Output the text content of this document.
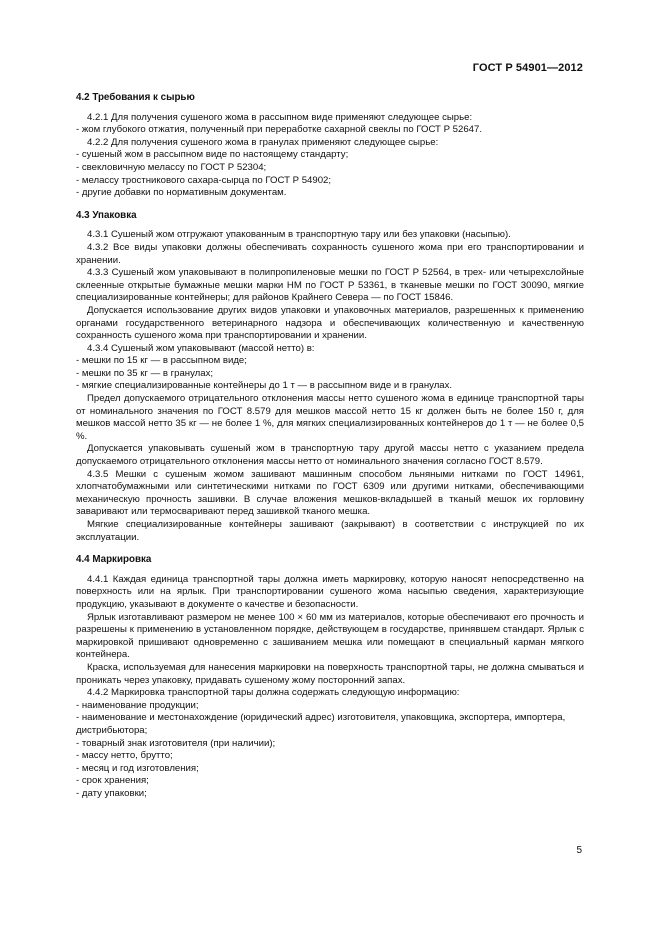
ГОСТ Р 54901—2012
4.2 Требования к сырью

4.2.1 Для получения сушеного жома в рассыпном виде применяют следующее сырье:

- жом глубокого отжатия, полученный при переработке сахарной свеклы по ГОСТ Р 52647.

4.2.2 Для получения сушеного жома в гранулах применяют следующее сырье:

- сушеный жом в рассыпном виде по настоящему стандарту;

- свекловичную мелассу по ГОСТ Р 52304;

- мелассу тростникового сахара-сырца по ГОСТ Р 54902;

- другие добавки по нормативным документам.

4.3 Упаковка

4.3.1 Сушеный жом отгружают упакованным в транспортную тару или без упаковки (насыпью).

4.3.2 Все виды упаковки должны обеспечивать сохранность сушеного жома при его транспортировании и хранении.

4.3.3 Сушеный жом упаковывают в полипропиленовые мешки по ГОСТ Р 52564, в трех- или четырехслойные склеенные открытые бумажные мешки марки НМ по ГОСТ Р 53361, в тканевые мешки по ГОСТ 30090, мягкие специализированные контейнеры; для районов Крайнего Севера — по ГОСТ 15846.

Допускается использование других видов упаковки и упаковочных материалов, разрешенных к применению органами государственного ветеринарного надзора и обеспечивающих количественную и качественную сохранность сушеного жома при транспортировании и хранении.

4.3.4 Сушеный жом упаковывают (массой нетто) в:

- мешки по 15 кг — в рассыпном виде;

- мешки по 35 кг — в гранулах;

- мягкие специализированные контейнеры до 1 т — в рассыпном виде и в гранулах.

Предел допускаемого отрицательного отклонения массы нетто сушеного жома в единице транспортной тары от номинального значения по ГОСТ 8.579 для мешков массой нетто 15 кг должен быть не более 150 г, для мешков массой нетто 35 кг — не более 1 %, для мягких специализированных контейнеров до 1 т — не более 0,5 %.

Допускается упаковывать сушеный жом в транспортную тару другой массы нетто с указанием предела допускаемого отрицательного отклонения массы нетто от номинального значения согласно ГОСТ 8.579.

4.3.5 Мешки с сушеным жомом зашивают машинным способом льняными нитками по ГОСТ 14961, хлопчатобумажными или синтетическими нитками по ГОСТ 6309 или другими нитками, обеспечивающими механическую прочность зашивки. В случае вложения мешков-вкладышей в тканый мешок их горловину заваривают или термосваривают перед зашивкой тканого мешка.

Мягкие специализированные контейнеры зашивают (закрывают) в соответствии с инструкцией по их эксплуатации.

4.4 Маркировка

4.4.1 Каждая единица транспортной тары должна иметь маркировку, которую наносят непосредственно на поверхность или на ярлык. При транспортировании сушеного жома насыпью сведения, характеризующие продукцию, указывают в документе о качестве и безопасности.

Ярлык изготавливают размером не менее 100 × 60 мм из материалов, которые обеспечивают его прочность и разрешены к применению в установленном порядке, действующем в государстве, принявшем стандарт. Ярлык с маркировкой пришивают одновременно с зашиванием мешка или помещают в специальный карман мягкого контейнера.

Краска, используемая для нанесения маркировки на поверхность транспортной тары, не должна смываться и проникать через упаковку, придавать сушеному жому посторонний запах.

4.4.2 Маркировка транспортной тары должна содержать следующую информацию:

- наименование продукции;

- наименование и местонахождение (юридический адрес) изготовителя, упаковщика, экспортера, импортера, дистрибьютора;

- товарный знак изготовителя (при наличии);

- массу нетто, брутто;

- месяц и год изготовления;

- срок хранения;

- дату упаковки;

5
